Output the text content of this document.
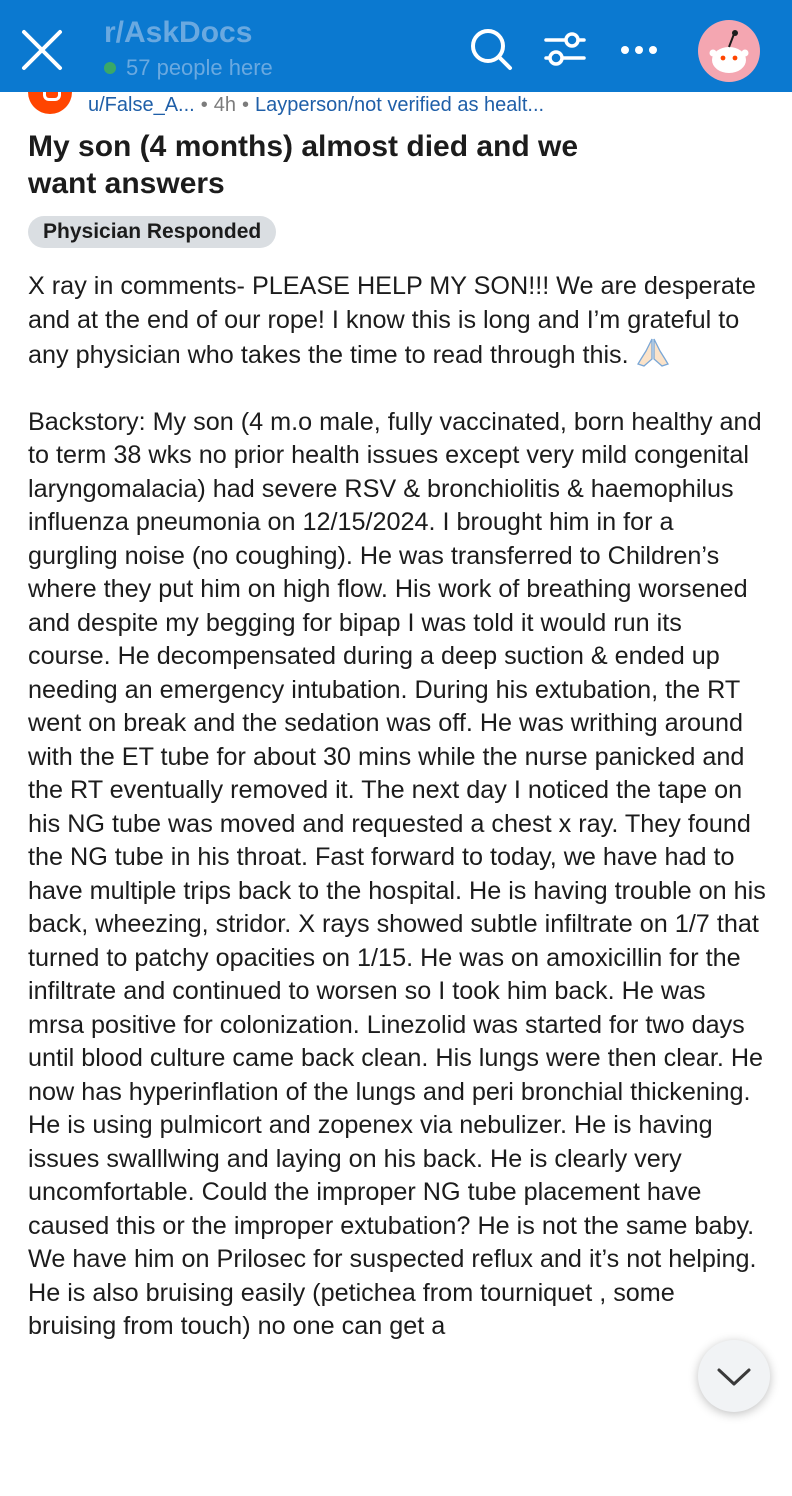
r/AskDocs
57 people here
u/False_A... • 4h • Layperson/not verified as healt...
My son (4 months) almost died and we want answers
Physician Responded

X ray in comments- PLEASE HELP MY SON!!! We are desperate and at the end of our rope! I know this is long and I’m grateful to any physician who takes the time to read through this.

Backstory: My son (4 m.o male, fully vaccinated, born healthy and to term 38 wks no prior health issues except very mild congenital laryngomalacia) had severe RSV & bronchiolitis & haemophilus influenza pneumonia on 12/15/2024. I brought him in for a gurgling noise (no coughing). He was transferred to Children’s where they put him on high flow. His work of breathing worsened and despite my begging for bipap I was told it would run its course. He decompensated during a deep suction & ended up needing an emergency intubation. During his extubation, the RT went on break and the sedation was off. He was writhing around with the ET tube for about 30 mins while the nurse panicked and the RT eventually removed it. The next day I noticed the tape on his NG tube was moved and requested a chest x ray. They found the NG tube in his throat. Fast forward to today, we have had to have multiple trips back to the hospital. He is having trouble on his back, wheezing, stridor. X rays showed subtle infiltrate on 1/7 that turned to patchy opacities on 1/15. He was on amoxicillin for the infiltrate and continued to worsen so I took him back. He was mrsa positive for colonization. Linezolid was started for two days until blood culture came back clean. His lungs were then clear. He now has hyperinflation of the lungs and peri bronchial thickening. He is using pulmicort and zopenex via nebulizer. He is having issues swalllwing and laying on his back. He is clearly very uncomfortable. Could the improper NG tube placement have caused this or the improper extubation? He is not the same baby. We have him on Prilosec for suspected reflux and it’s not helping. He is also bruising easily (petichea from tourniquet , some bruising from touch) no one can get a
